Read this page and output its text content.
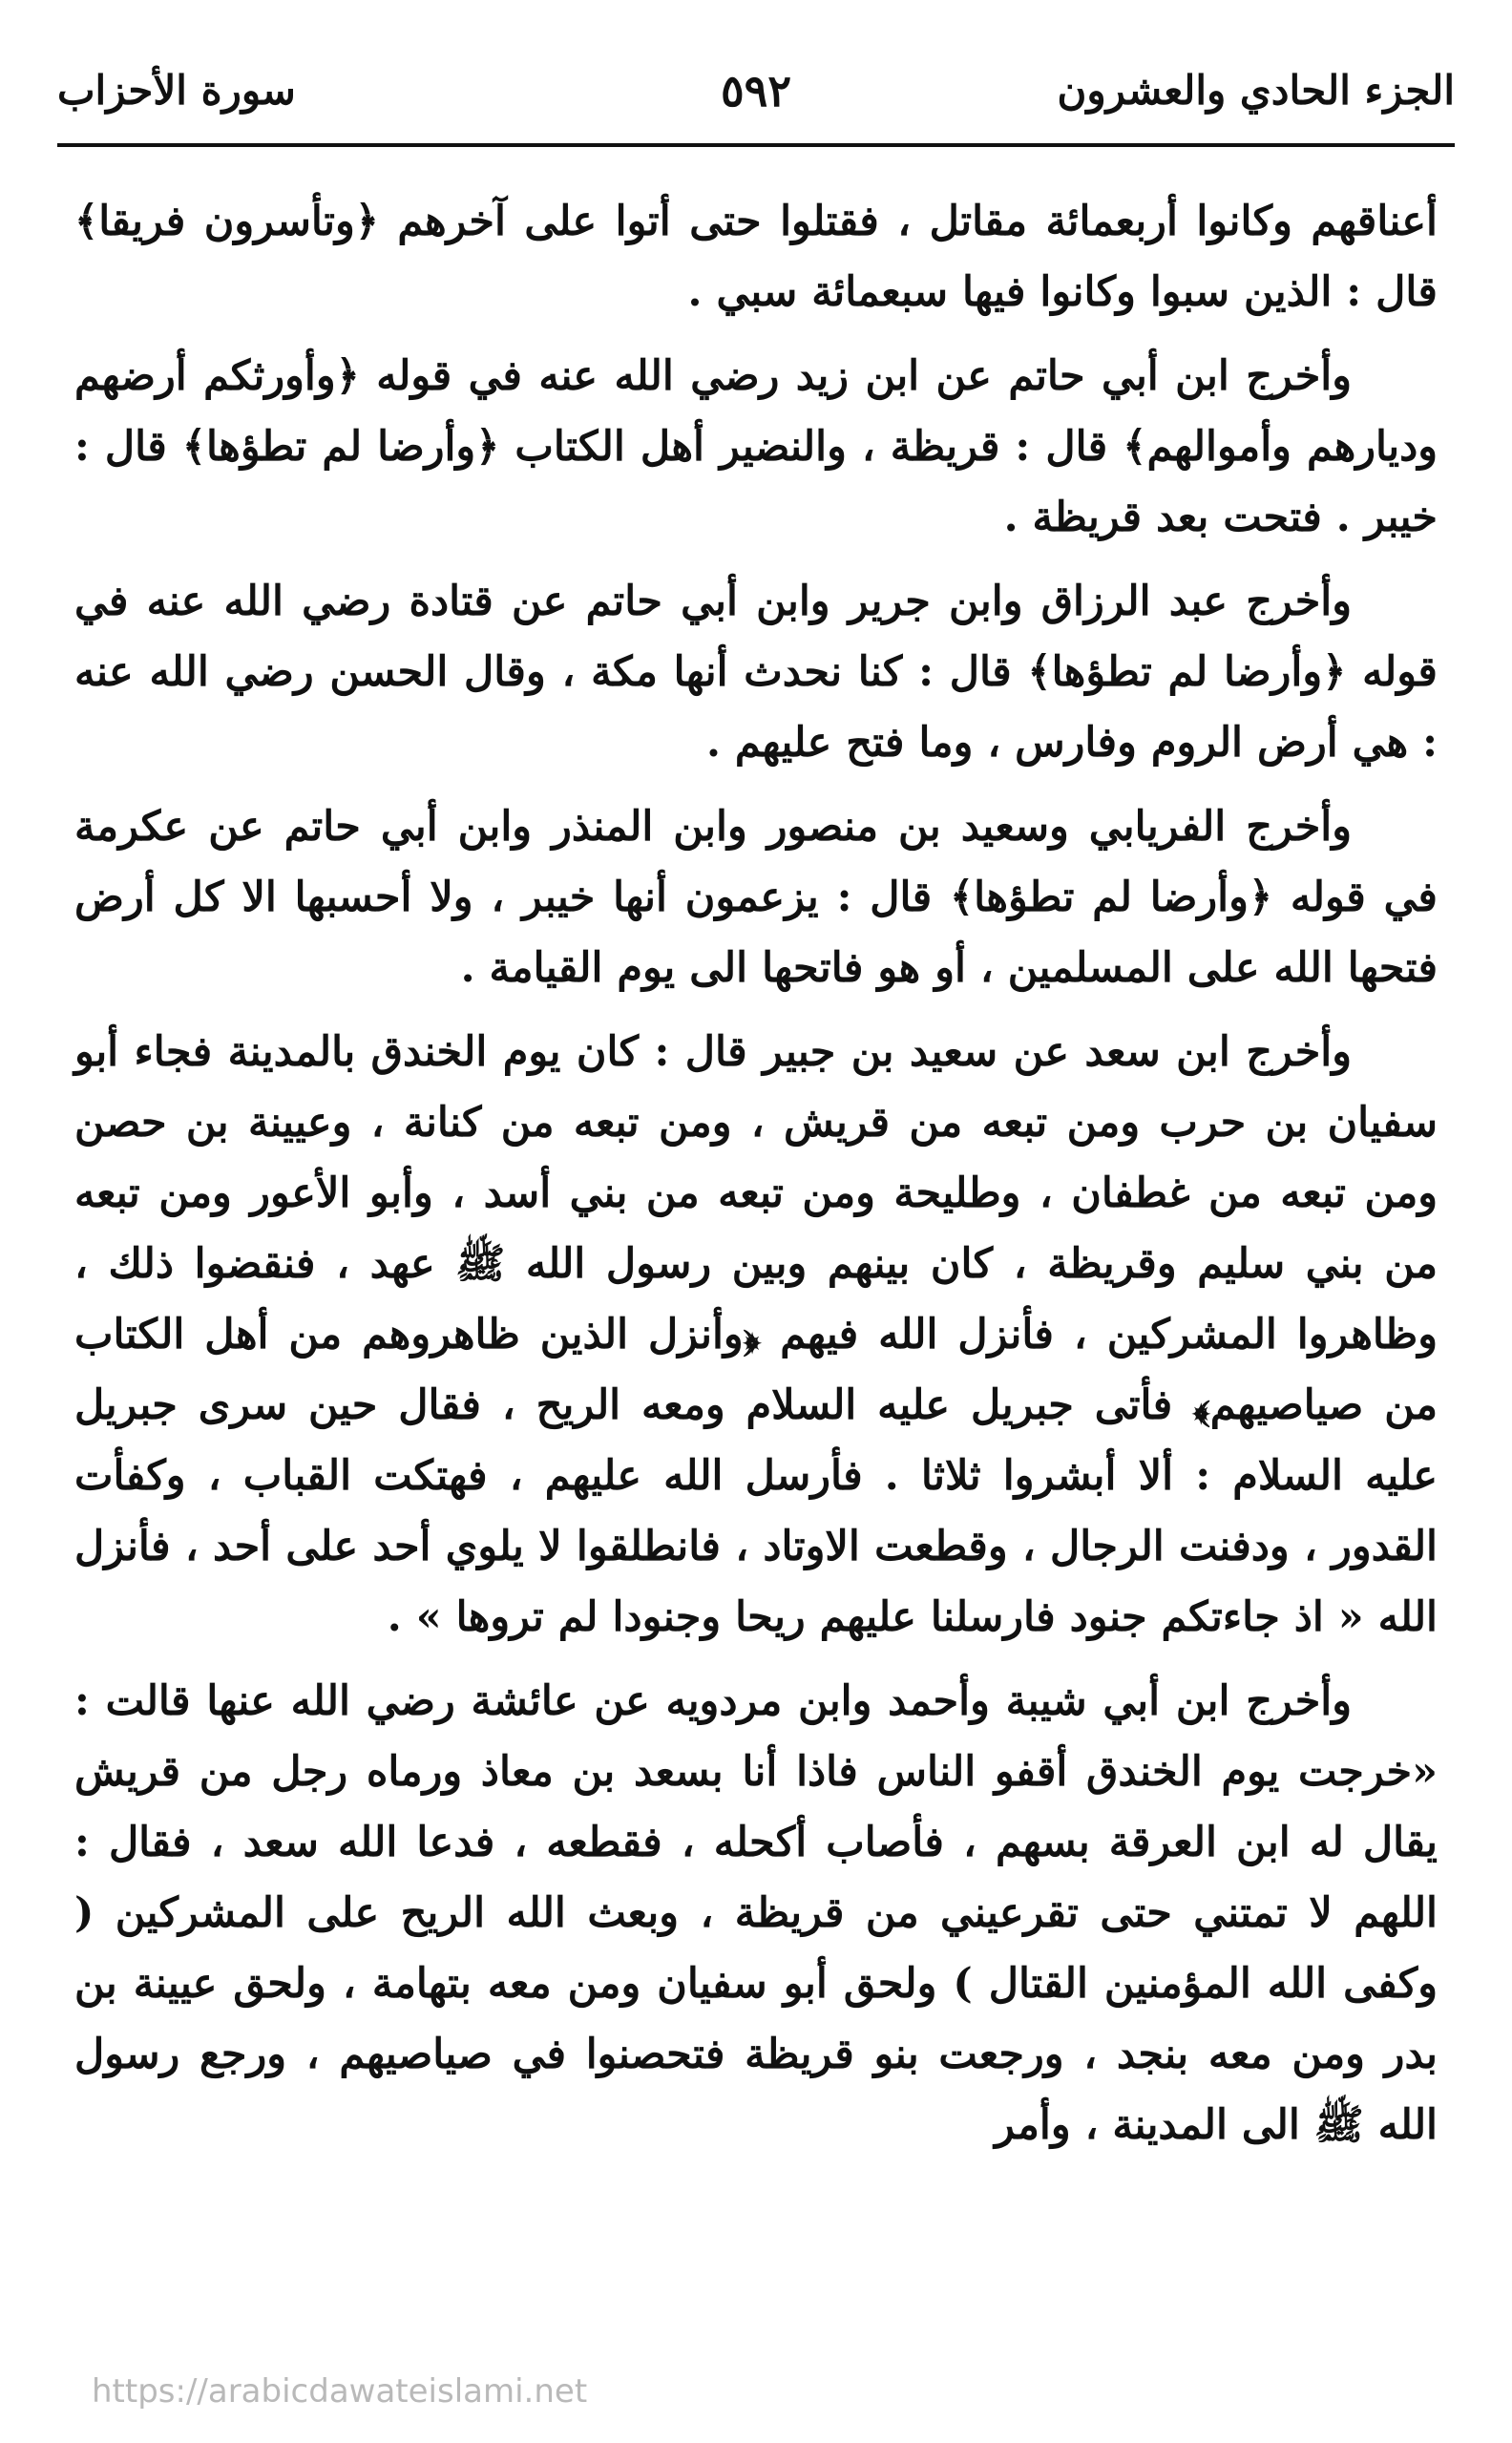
الجزء الحادي والعشرون
٥٩٢
سورة الأحزاب

أعناقهم وكانوا أربعمائة مقاتل ، فقتلوا حتى أتوا على آخرهم ﴿وتأسرون فريقا﴾ قال : الذين سبوا وكانوا فيها سبعمائة سبي .

وأخرج ابن أبي حاتم عن ابن زيد رضي الله عنه في قوله ﴿وأورثكم أرضهم وديارهم وأموالهم﴾ قال : قريظة ، والنضير أهل الكتاب ﴿وأرضا لم تطؤها﴾ قال : خيبر . فتحت بعد قريظة .

وأخرج عبد الرزاق وابن جرير وابن أبي حاتم عن قتادة رضي الله عنه في قوله ﴿وأرضا لم تطؤها﴾ قال : كنا نحدث أنها مكة ، وقال الحسن رضي الله عنه : هي أرض الروم وفارس ، وما فتح عليهم .

وأخرج الفريابي وسعيد بن منصور وابن المنذر وابن أبي حاتم عن عكرمة في قوله ﴿وأرضا لم تطؤها﴾ قال : يزعمون أنها خيبر ، ولا أحسبها الا كل أرض فتحها الله على المسلمين ، أو هو فاتحها الى يوم القيامة .

وأخرج ابن سعد عن سعيد بن جبير قال : كان يوم الخندق بالمدينة فجاء أبو سفيان بن حرب ومن تبعه من قريش ، ومن تبعه من كنانة ، وعيينة بن حصن ومن تبعه من غطفان ، وطليحة ومن تبعه من بني أسد ، وأبو الأعور ومن تبعه من بني سليم وقريظة ، كان بينهم وبين رسول الله ﷺ عهد ، فنقضوا ذلك ، وظاهروا المشركين ، فأنزل الله فيهم ﴿وأنزل الذين ظاهروهم من أهل الكتاب من صياصيهم﴾ فأتى جبريل عليه السلام ومعه الريح ، فقال حين سرى جبريل عليه السلام : ألا أبشروا ثلاثا . فأرسل الله عليهم ، فهتكت القباب ، وكفأت القدور ، ودفنت الرجال ، وقطعت الاوتاد ، فانطلقوا لا يلوي أحد على أحد ، فأنزل الله « اذ جاءتكم جنود فارسلنا عليهم ريحا وجنودا لم تروها » .

وأخرج ابن أبي شيبة وأحمد وابن مردويه عن عائشة رضي الله عنها قالت : «خرجت يوم الخندق أقفو الناس فاذا أنا بسعد بن معاذ ورماه رجل من قريش يقال له ابن العرقة بسهم ، فأصاب أكحله ، فقطعه ، فدعا الله سعد ، فقال : اللهم لا تمتني حتى تقرعيني من قريظة ، وبعث الله الريح على المشركين ( وكفى الله المؤمنين القتال ) ولحق أبو سفيان ومن معه بتهامة ، ولحق عيينة بن بدر ومن معه بنجد ، ورجعت بنو قريظة فتحصنوا في صياصيهم ، ورجع رسول الله ﷺ الى المدينة ، وأمر

https://arabicdawateislami.net
